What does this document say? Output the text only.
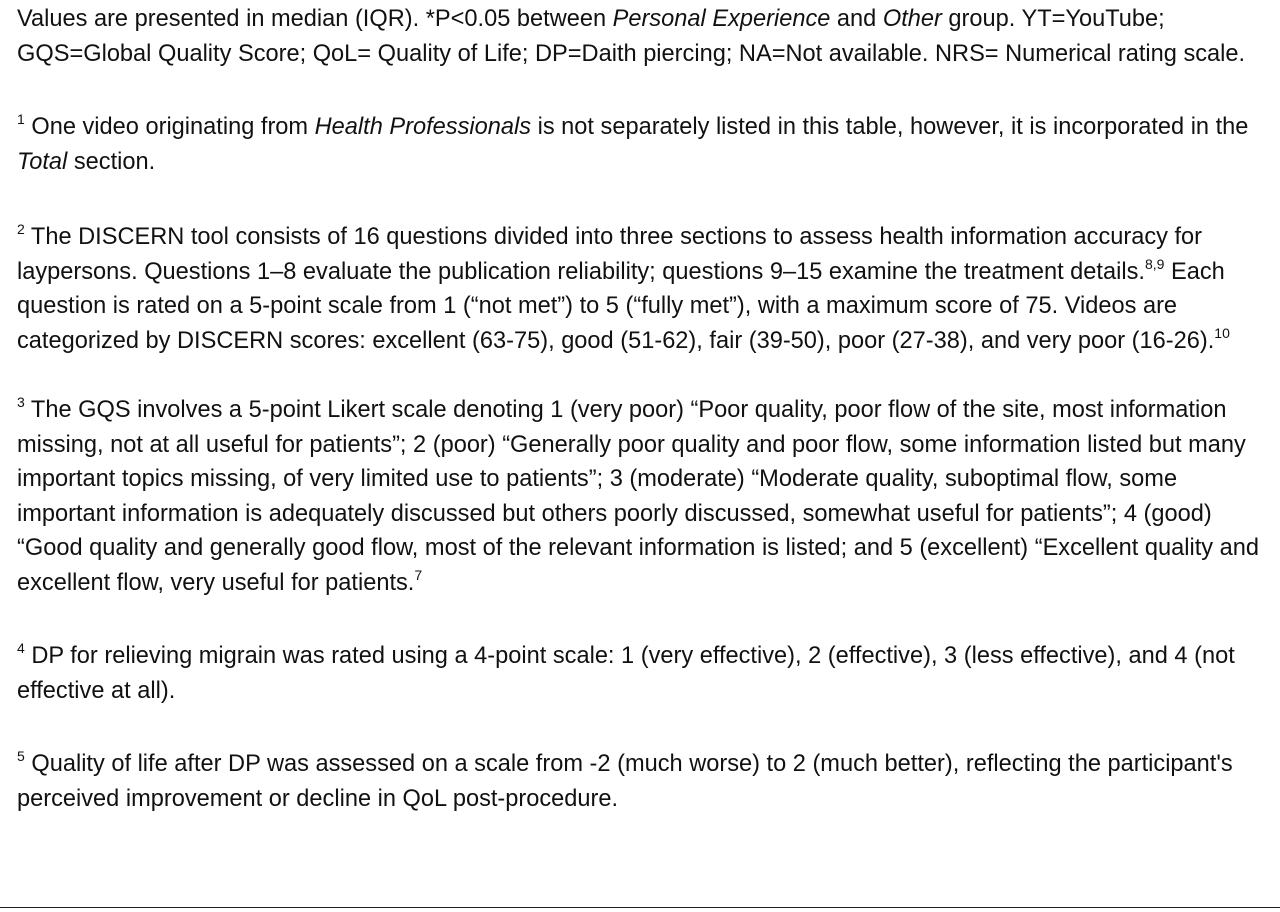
Values are presented in median (IQR). *P<0.05 between Personal Experience and Other group. YT=YouTube; GQS=Global Quality Score; QoL= Quality of Life; DP=Daith piercing; NA=Not available. NRS= Numerical rating scale.

$^1$ One video originating from Health Professionals is not separately listed in this table, however, it is incorporated in the Total section.

$^2$ The DISCERN tool consists of 16 questions divided into three sections to assess health information accuracy for laypersons. Questions 1–8 evaluate the publication reliability; questions 9–15 examine the treatment details.$^{8,9}$ Each question is rated on a 5-point scale from 1 (“not met”) to 5 (“fully met”), with a maximum score of 75. Videos are categorized by DISCERN scores: excellent (63-75), good (51-62), fair (39-50), poor (27-38), and very poor (16-26).$^{10}$

$^3$ The GQS involves a 5-point Likert scale denoting 1 (very poor) “Poor quality, poor flow of the site, most information missing, not at all useful for patients”; 2 (poor) “Generally poor quality and poor flow, some information listed but many important topics missing, of very limited use to patients”; 3 (moderate) “Moderate quality, suboptimal flow, some important information is adequately discussed but others poorly discussed, somewhat useful for patients”; 4 (good) “Good quality and generally good flow, most of the relevant information is listed; and 5 (excellent) “Excellent quality and excellent flow, very useful for patients.$^7$

$^4$ DP for relieving migrain was rated using a 4-point scale: 1 (very effective), 2 (effective), 3 (less effective), and 4 (not effective at all).

$^5$ Quality of life after DP was assessed on a scale from -2 (much worse) to 2 (much better), reflecting the participant's perceived improvement or decline in QoL post-procedure.
